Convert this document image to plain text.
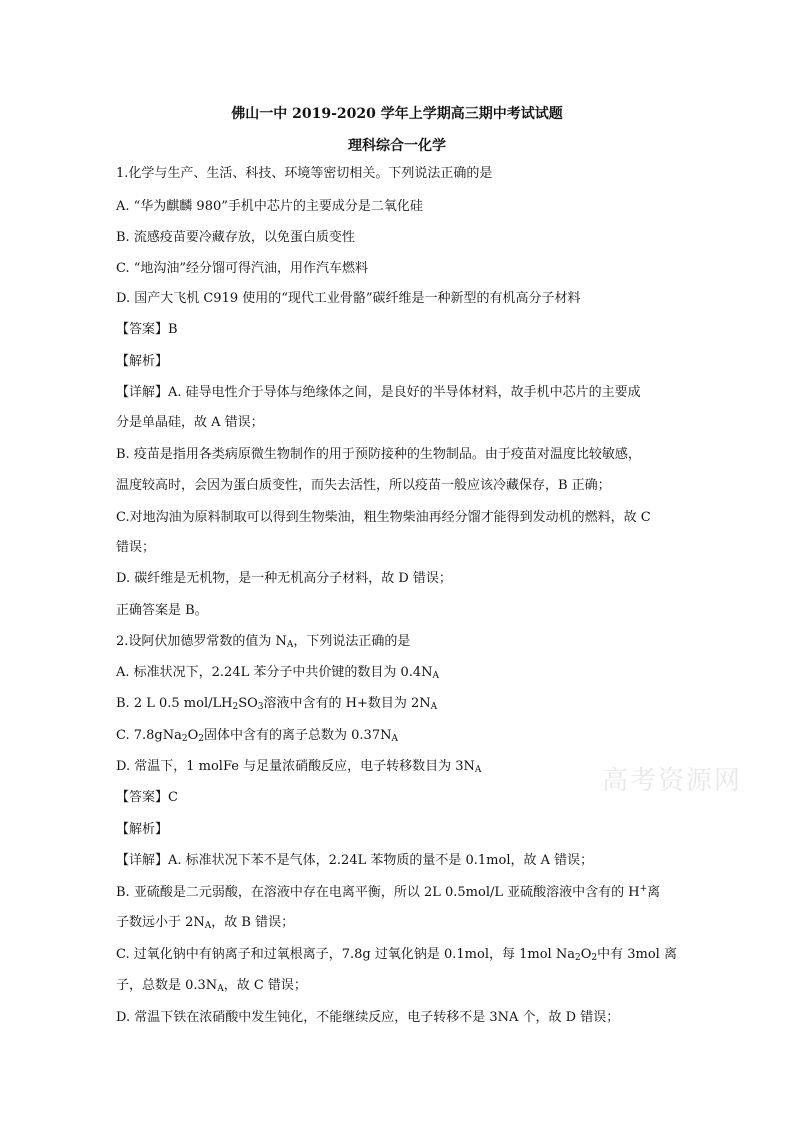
佛山一中 2019-2020 学年上学期高三期中考试试题
理科综合一化学
1.化学与生产、生活、科技、环境等密切相关。下列说法正确的是
A. “华为麒麟 980”手机中芯片的主要成分是二氧化硅
B. 流感疫苗要冷藏存放，以免蛋白质变性
C. “地沟油”经分馏可得汽油，用作汽车燃料
D. 国产大飞机 C919 使用的“现代工业骨骼”碳纤维是一种新型的有机高分子材料
【答案】B
【解析】
【详解】A. 硅导电性介于导体与绝缘体之间，是良好的半导体材料，故手机中芯片的主要成
分是单晶硅，故 A 错误；
B. 疫苗是指用各类病原微生物制作的用于预防接种的生物制品。由于疫苗对温度比较敏感，
温度较高时，会因为蛋白质变性，而失去活性，所以疫苗一般应该冷藏保存，B 正确；
C.对地沟油为原料制取可以得到生物柴油，粗生物柴油再经分馏才能得到发动机的燃料，故 C
错误；
D. 碳纤维是无机物，是一种无机高分子材料，故 D 错误；
正确答案是 B。
2.设阿伏加德罗常数的值为 $N_A$，下列说法正确的是
A. 标准状况下，2.24L 苯分子中共价键的数目为 $0.4N_A$
B. 2 L 0.5 mol/$LH_2SO_3$溶液中含有的 H+数目为 $2N_A$
C. $7.8gNa_2O_2$固体中含有的离子总数为 $0.37N_A$
D. 常温下，1 molFe 与足量浓硝酸反应，电子转移数目为 $3N_A$
【答案】C
【解析】
【详解】A. 标准状况下苯不是气体，2.24L 苯物质的量不是 0.1mol，故 A 错误；
B. 亚硫酸是二元弱酸，在溶液中存在电离平衡，所以 2L 0.5mol/L 亚硫酸溶液中含有的 H+离
子数远小于 $2N_A$，故 B 错误；
C. 过氧化钠中有钠离子和过氧根离子，7.8g 过氧化钠是 0.1mol，每 1mol $Na_2O_2$中有 3mol 离
子，总数是 $0.3N_A$，故 C 错误；
D. 常温下铁在浓硝酸中发生钝化，不能继续反应，电子转移不是 3NA 个，故 D 错误；
高考资源网
